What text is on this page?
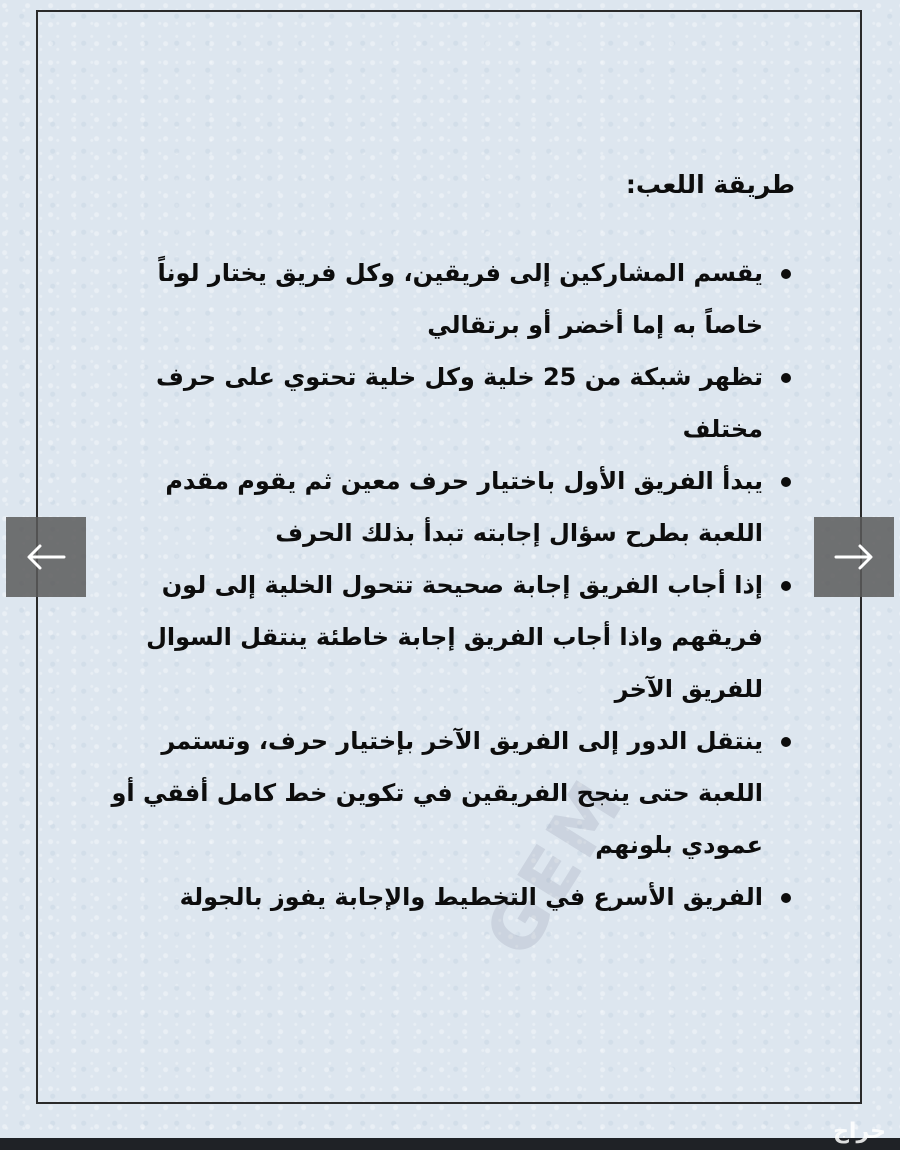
طريقة اللعب:
يقسم المشاركين إلى فريقين، وكل فريق يختار لوناً خاصاً به إما أخضر أو برتقالي
تظهر شبكة من 25 خلية وكل خلية تحتوي على حرف مختلف
يبدأ الفريق الأول باختيار حرف معين ثم يقوم مقدم اللعبة بطرح سؤال إجابته تبدأ بذلك الحرف
إذا أجاب الفريق إجابة صحيحة تتحول الخلية إلى لون فريقهم واذا أجاب الفريق إجابة خاطئة ينتقل السوال للفريق الآخر
ينتقل الدور إلى الفريق الآخر بإختيار حرف، وتستمر اللعبة حتى ينجح الفريقين في تكوين خط كامل أفقي أو عمودي بلونهم
الفريق الأسرع في التخطيط والإجابة يفوز بالجولة
حراج
